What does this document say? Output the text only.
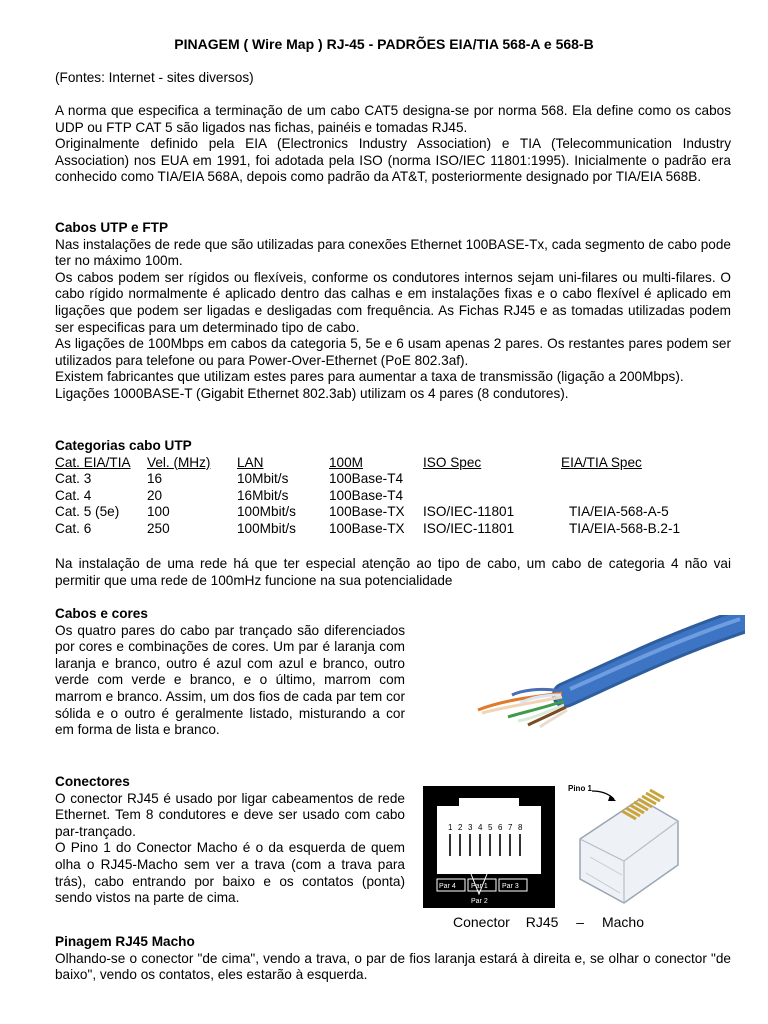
PINAGEM ( Wire Map ) RJ-45 - PADRÕES EIA/TIA 568-A e 568-B
(Fontes: Internet - sites diversos)

A norma que especifica a terminação de um cabo CAT5 designa-se por norma 568. Ela define como os cabos UDP ou FTP CAT 5 são ligados nas fichas, painéis e tomadas RJ45.

Originalmente definido pela EIA (Electronics Industry Association) e TIA (Telecommunication Industry Association) nos EUA em 1991, foi adotada pela ISO (norma ISO/IEC 11801:1995). Inicialmente o padrão era conhecido como TIA/EIA 568A, depois como padrão da AT&T, posteriormente designado por TIA/EIA 568B.

Cabos UTP e FTP

Nas instalações de rede que são utilizadas para conexões Ethernet 100BASE-Tx, cada segmento de cabo pode ter no máximo 100m.

Os cabos podem ser rígidos ou flexíveis, conforme os condutores internos sejam uni-filares ou multi-filares. O cabo rígido normalmente é aplicado dentro das calhas e em instalações fixas e o cabo flexível é aplicado em ligações que podem ser ligadas e desligadas com frequência. As Fichas RJ45 e as tomadas utilizadas podem ser especificas para um determinado tipo de cabo.

As ligações de 100Mbps em cabos da categoria 5, 5e e 6 usam apenas 2 pares. Os restantes pares podem ser utilizados para telefone ou para Power-Over-Ethernet (PoE 802.3af).

Existem fabricantes que utilizam estes pares para aumentar a taxa de transmissão (ligação a 200Mbps).

Ligações 1000BASE-T (Gigabit Ethernet 802.3ab) utilizam os 4 pares (8 condutores).

Categorias cabo UTP
Cat. EIA/TIA	Vel. (MHz)	LAN	100M	ISO Spec	EIA/TIA Spec
Cat. 3	16	10Mbit/s	100Base-T4		
Cat. 4	20	16Mbit/s	100Base-T4		
Cat. 5 (5e)	100	100Mbit/s	100Base-TX	ISO/IEC-11801	TIA/EIA-568-A-5
Cat. 6	250	100Mbit/s	100Base-TX	ISO/IEC-11801	TIA/EIA-568-B.2-1
Na instalação de uma rede há que ter especial atenção ao tipo de cabo, um cabo de categoria 4 não vai permitir que uma rede de 100mHz funcione na sua potencialidade
Cabos e cores

Os quatro pares do cabo par trançado são diferenciados por cores e combinações de cores. Um par é laranja com laranja e branco, outro é azul com azul e branco, outro verde com verde e branco, e o último, marrom com marrom e branco. Assim, um dos fios de cada par tem cor sólida e o outro é geralmente listado, misturando a cor em forma de lista e branco.

Conectores

O conector RJ45 é usado por ligar cabeamentos de rede Ethernet. Tem 8 condutores e deve ser usado com cabo par-trançado.

O Pino 1 do Conector Macho é o da esquerda de quem olha o RJ45-Macho sem ver a trava (com a trava para trás), cabo entrando por baixo e os contatos (ponta) sendo vistos na parte de cima.

1 2 3 4 5 6 7 8
Par 4 Par 1 Par 3
Par 2
Pino 1
Conector RJ45 – Macho
Pinagem RJ45 Macho

Olhando-se o conector "de cima", vendo a trava, o par de fios laranja estará à direita e, se olhar o conector "de baixo", vendo os contatos, eles estarão à esquerda.
